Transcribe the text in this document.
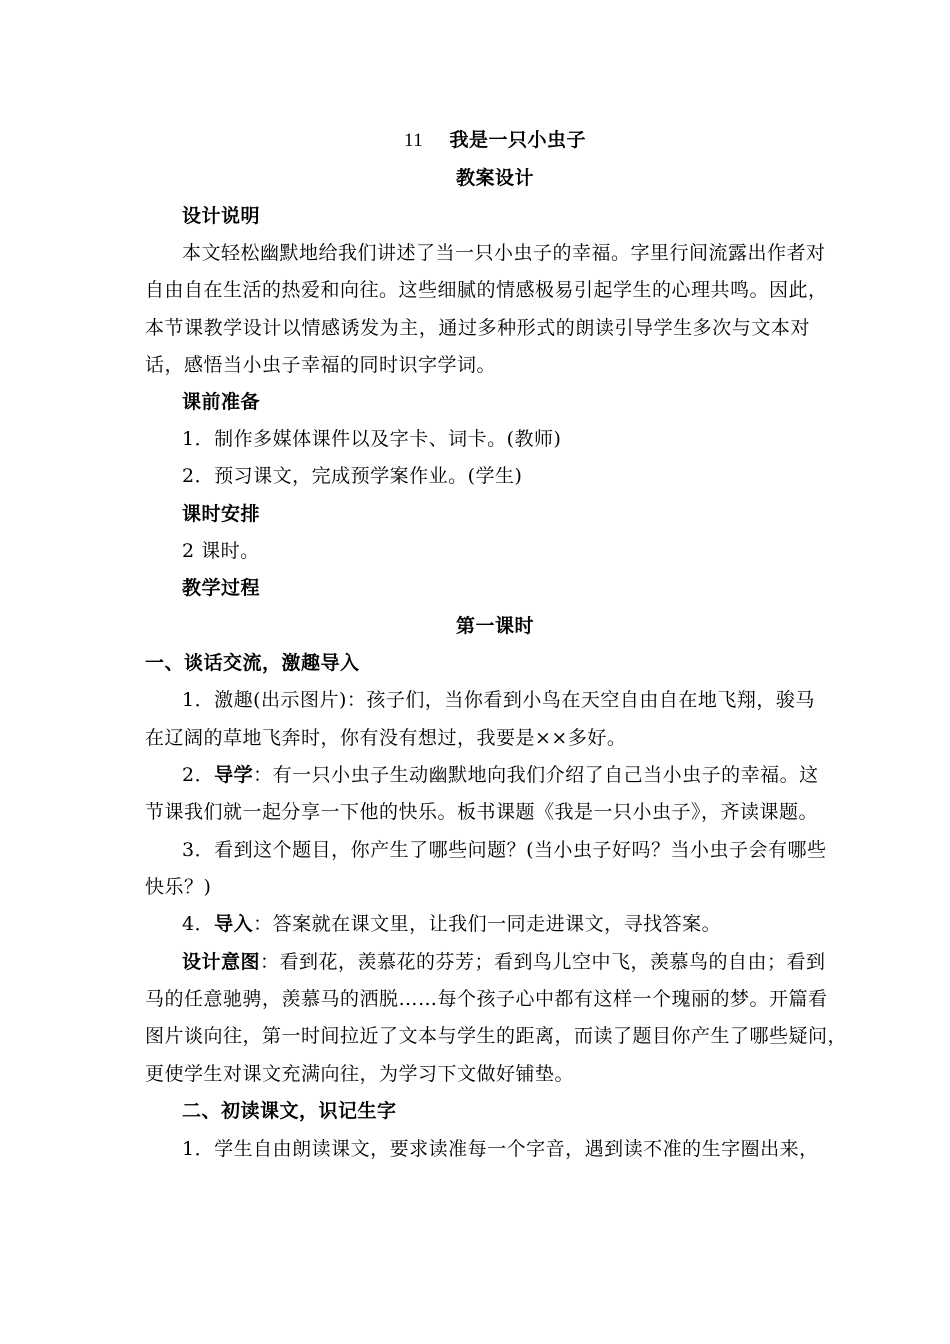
11 我是一只小虫子
教案设计
设计说明
本文轻松幽默地给我们讲述了当一只小虫子的幸福。字里行间流露出作者对
自由自在生活的热爱和向往。这些细腻的情感极易引起学生的心理共鸣。因此，
本节课教学设计以情感诱发为主，通过多种形式的朗读引导学生多次与文本对
话，感悟当小虫子幸福的同时识字学词。
课前准备
1．制作多媒体课件以及字卡、词卡。(教师)
2．预习课文，完成预学案作业。(学生)
课时安排
2 课时。
教学过程
第一课时
一、谈话交流，激趣导入
1．激趣(出示图片)：孩子们，当你看到小鸟在天空自由自在地飞翔，骏马
在辽阔的草地飞奔时，你有没有想过，我要是××多好。
2．导学：有一只小虫子生动幽默地向我们介绍了自己当小虫子的幸福。这
节课我们就一起分享一下他的快乐。板书课题《我是一只小虫子》，齐读课题。
3．看到这个题目，你产生了哪些问题？(当小虫子好吗？当小虫子会有哪些
快乐？)
4．导入：答案就在课文里，让我们一同走进课文，寻找答案。
设计意图：看到花，羡慕花的芬芳；看到鸟儿空中飞，羡慕鸟的自由；看到
马的任意驰骋，羡慕马的洒脱……每个孩子心中都有这样一个瑰丽的梦。开篇看
图片谈向往，第一时间拉近了文本与学生的距离，而读了题目你产生了哪些疑问，
更使学生对课文充满向往，为学习下文做好铺垫。
二、初读课文，识记生字
1．学生自由朗读课文，要求读准每一个字音，遇到读不准的生字圈出来，
